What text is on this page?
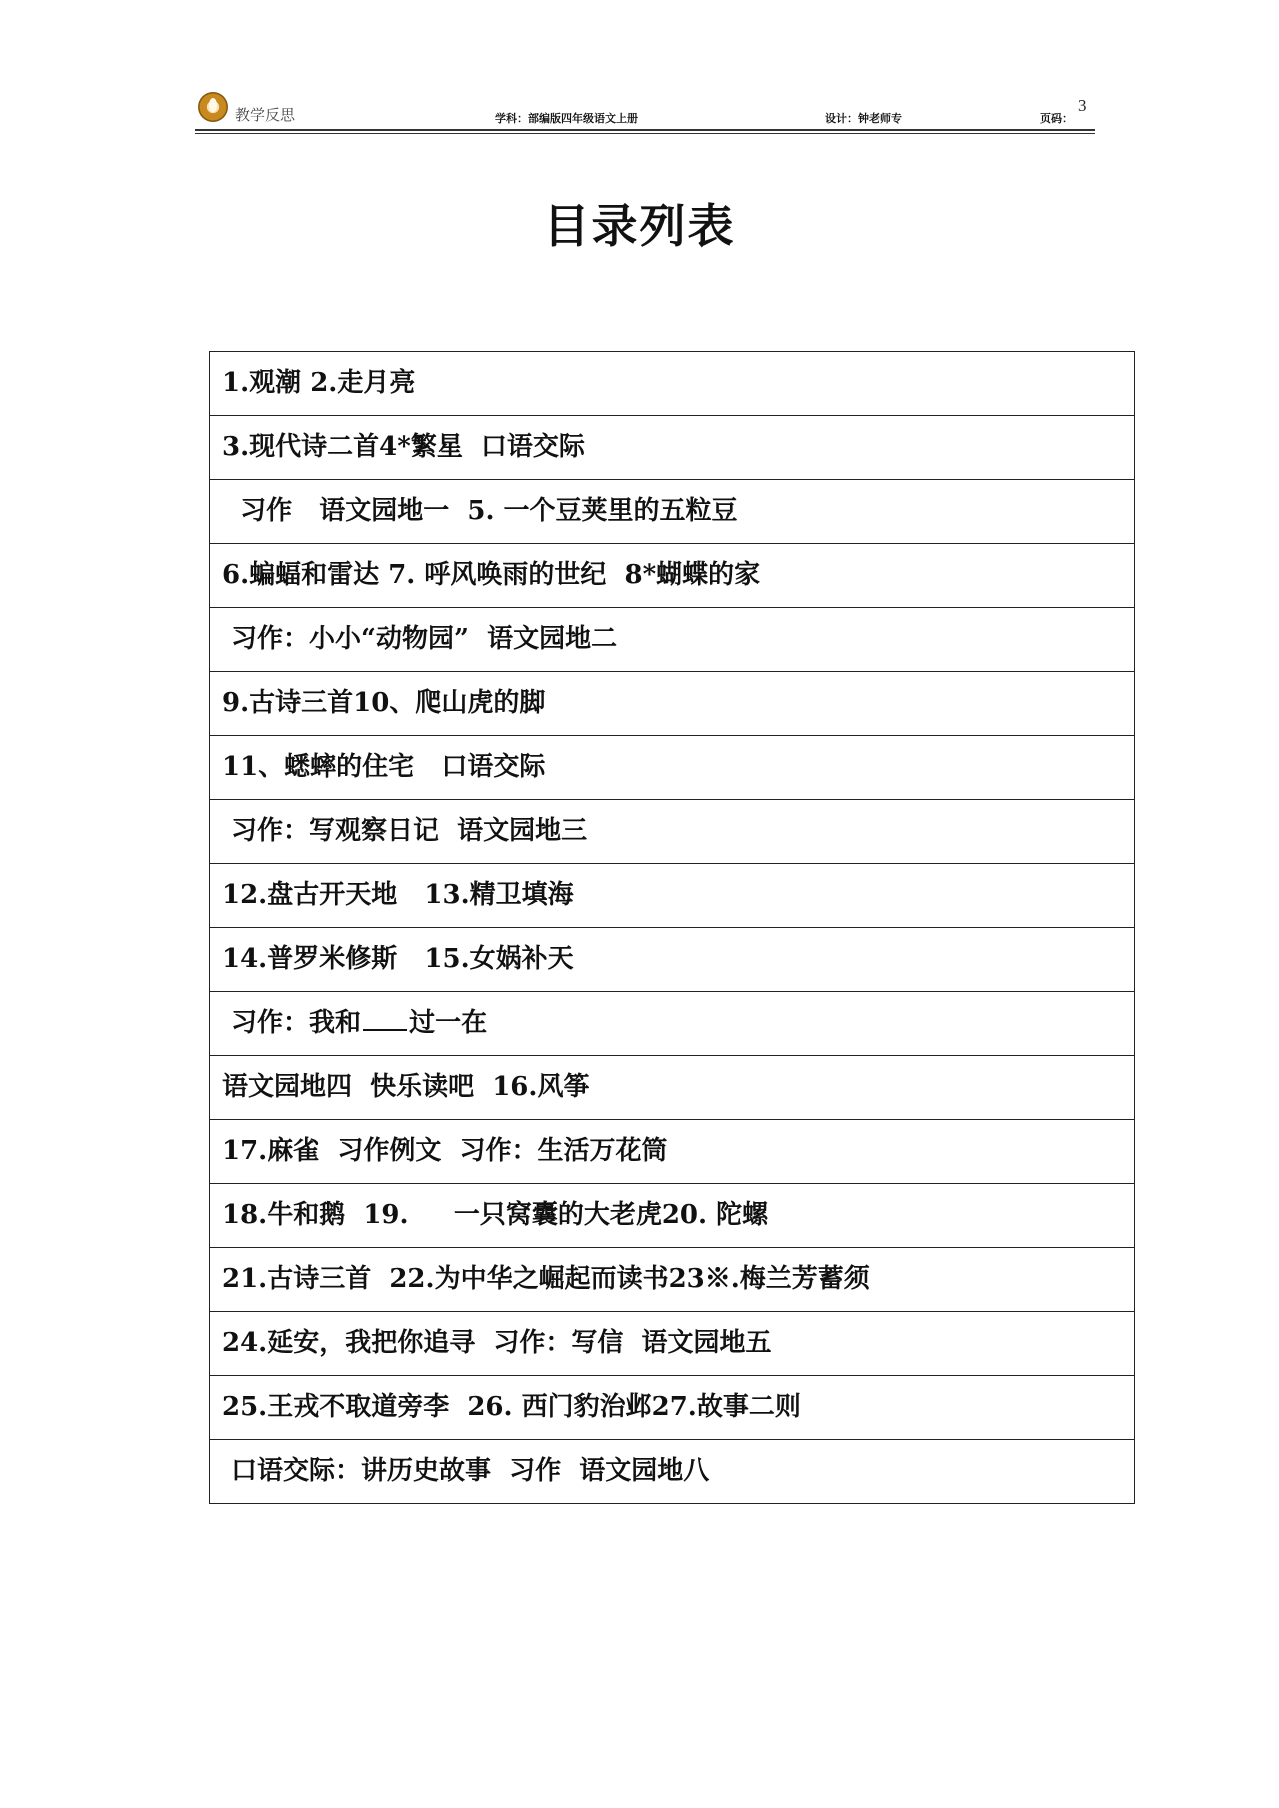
3
教学反思	学科：部编版四年级语文上册	设计：钟老师专	页码：
目录列表
1.观潮 2.走月亮
3.现代诗二首4*繁星  口语交际
习作   语文园地一  5. 一个豆荚里的五粒豆
6.蝙蝠和雷达 7. 呼风唤雨的世纪  8*蝴蝶的家
习作：小小“动物园”  语文园地二
9.古诗三首10、爬山虎的脚
11、蟋蟀的住宅   口语交际
习作：写观察日记  语文园地三
12.盘古开天地   13.精卫填海
14.普罗米修斯   15.女娲补天
习作：我和 过一在
语文园地四  快乐读吧  16.风筝
17.麻雀  习作例文  习作：生活万花筒
18.牛和鹅  19.     一只窝囊的大老虎20. 陀螺
21.古诗三首  22.为中华之崛起而读书23※.梅兰芳蓄须
24.延安，我把你追寻  习作：写信  语文园地五
25.王戎不取道旁李  26. 西门豹治邺27.故事二则
口语交际：讲历史故事  习作  语文园地八
